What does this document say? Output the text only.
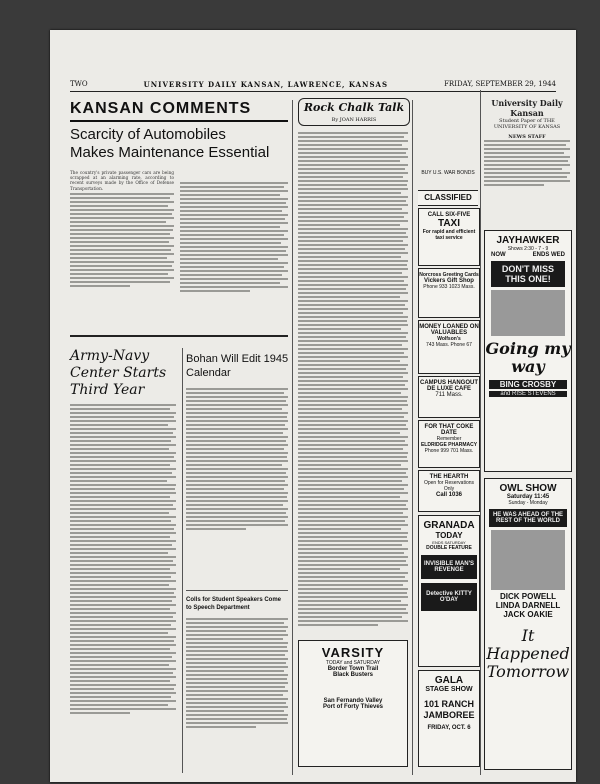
TWO	UNIVERSITY DAILY KANSAN, LAWRENCE, KANSAS	FRIDAY, SEPTEMBER 29, 1944
KANSAN COMMENTS
Scarcity of Automobiles Makes Maintenance Essential
The country's private passenger cars are being scrapped at an alarming rate, according to recent surveys made by the Office of Defense Transportation.
Army-Navy Center Starts Third Year
Bohan Will Edit 1945 Calendar
Colls for Student Speakers Come to Speech Department
Rock Chalk Talk
By JOAN HARRIS
VARSITY
TODAY and SATURDAY
Border Town Trail
Black Busters
San Fernando Valley
Port of Forty Thieves
BUY U.S. WAR BONDS
CLASSIFIED
CALL SIX-FIVE
TAXI
For rapid and efficient taxi service
Norcross Greeting Cards
Vickers Gift Shop
Phone 933 1023 Mass.
MONEY LOANED ON VALUABLES
Wolfson's
743 Mass. Phone 67
CAMPUS HANGOUT
DE LUXE CAFE
711 Mass.
FOR THAT COKE DATE
Remember
ELDRIDGE PHARMACY
Phone 999 701 Mass.
THE HEARTH
Open for Reservations Only
Call 1036
GRANADA
TODAY
ENDS SATURDAY
DOUBLE FEATURE
INVISIBLE MAN'S REVENGE
Detective KITTY O'DAY
GALA
STAGE SHOW
101 RANCH JAMBOREE
FRIDAY, OCT. 6
University Daily Kansan
Student Paper of THE UNIVERSITY OF KANSAS
NEWS STAFF
JAYHAWKER
Shows 2:30 - 7 - 9
NOW	ENDS WED
DON'T MISS THIS ONE!
Going my way
BING CROSBY
and RISË STEVENS
OWL SHOW
Saturday 11:45
Sunday - Monday
HE WAS AHEAD OF THE REST OF THE WORLD
DICK POWELL
LINDA DARNELL
JACK OAKIE
It Happened Tomorrow
